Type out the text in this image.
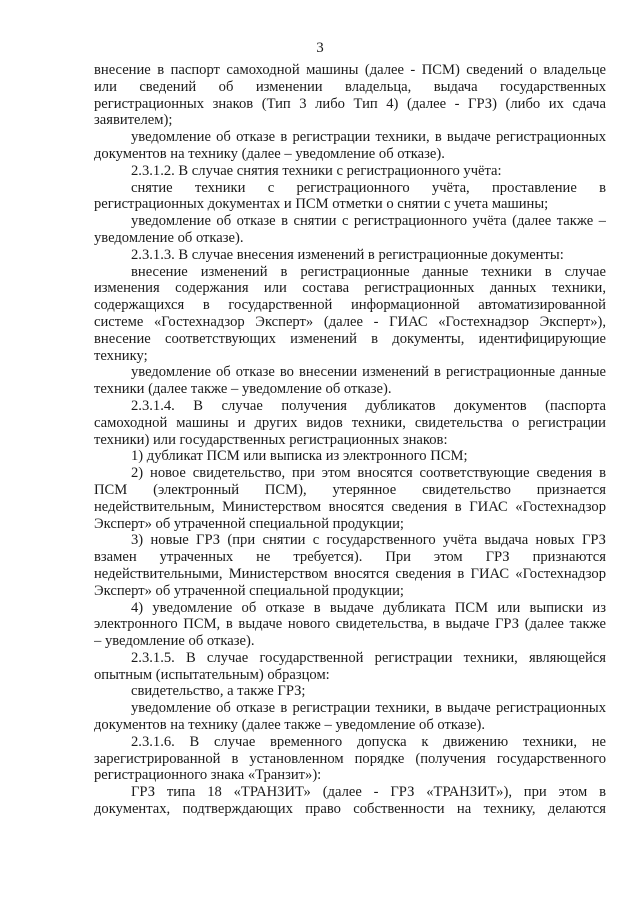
3
внесение в паспорт самоходной машины (далее - ПСМ) сведений о владельце
или сведений об изменении владельца, выдача государственных
регистрационных знаков (Тип 3 либо Тип 4) (далее - ГРЗ) (либо их сдача
заявителем);
уведомление об отказе в регистрации техники, в выдаче регистрационных
документов на технику (далее – уведомление об отказе).
2.3.1.2. В случае снятия техники с регистрационного учёта:
снятие техники с регистрационного учёта, проставление в
регистрационных документах и ПСМ отметки о снятии с учета машины;
уведомление об отказе в снятии с регистрационного учёта (далее также –
уведомление об отказе).
2.3.1.3. В случае внесения изменений в регистрационные документы:
внесение изменений в регистрационные данные техники в случае
изменения содержания или состава регистрационных данных техники,
содержащихся в государственной информационной автоматизированной
системе «Гостехнадзор Эксперт» (далее - ГИАС «Гостехнадзор Эксперт»),
внесение соответствующих изменений в документы, идентифицирующие
технику;
уведомление об отказе во внесении изменений в регистрационные данные
техники (далее также – уведомление об отказе).
2.3.1.4. В случае получения дубликатов документов (паспорта
самоходной машины и других видов техники, свидетельства о регистрации
техники) или государственных регистрационных знаков:
1) дубликат ПСМ или выписка из электронного ПСМ;
2) новое свидетельство, при этом вносятся соответствующие сведения в
ПСМ (электронный ПСМ), утерянное свидетельство признается
недействительным, Министерством вносятся сведения в ГИАС «Гостехнадзор
Эксперт» об утраченной специальной продукции;
3) новые ГРЗ (при снятии с государственного учёта выдача новых ГРЗ
взамен утраченных не требуется). При этом ГРЗ признаются
недействительными, Министерством вносятся сведения в ГИАС «Гостехнадзор
Эксперт» об утраченной специальной продукции;
4) уведомление об отказе в выдаче дубликата ПСМ или выписки из
электронного ПСМ, в выдаче нового свидетельства, в выдаче ГРЗ (далее также
– уведомление об отказе).
2.3.1.5. В случае государственной регистрации техники, являющейся
опытным (испытательным) образцом:
свидетельство, а также ГРЗ;
уведомление об отказе в регистрации техники, в выдаче регистрационных
документов на технику (далее также – уведомление об отказе).
2.3.1.6. В случае временного допуска к движению техники, не
зарегистрированной в установленном порядке (получения государственного
регистрационного знака «Транзит»):
ГРЗ типа 18 «ТРАНЗИТ» (далее - ГРЗ «ТРАНЗИТ»), при этом в
документах, подтверждающих право собственности на технику, делаются
